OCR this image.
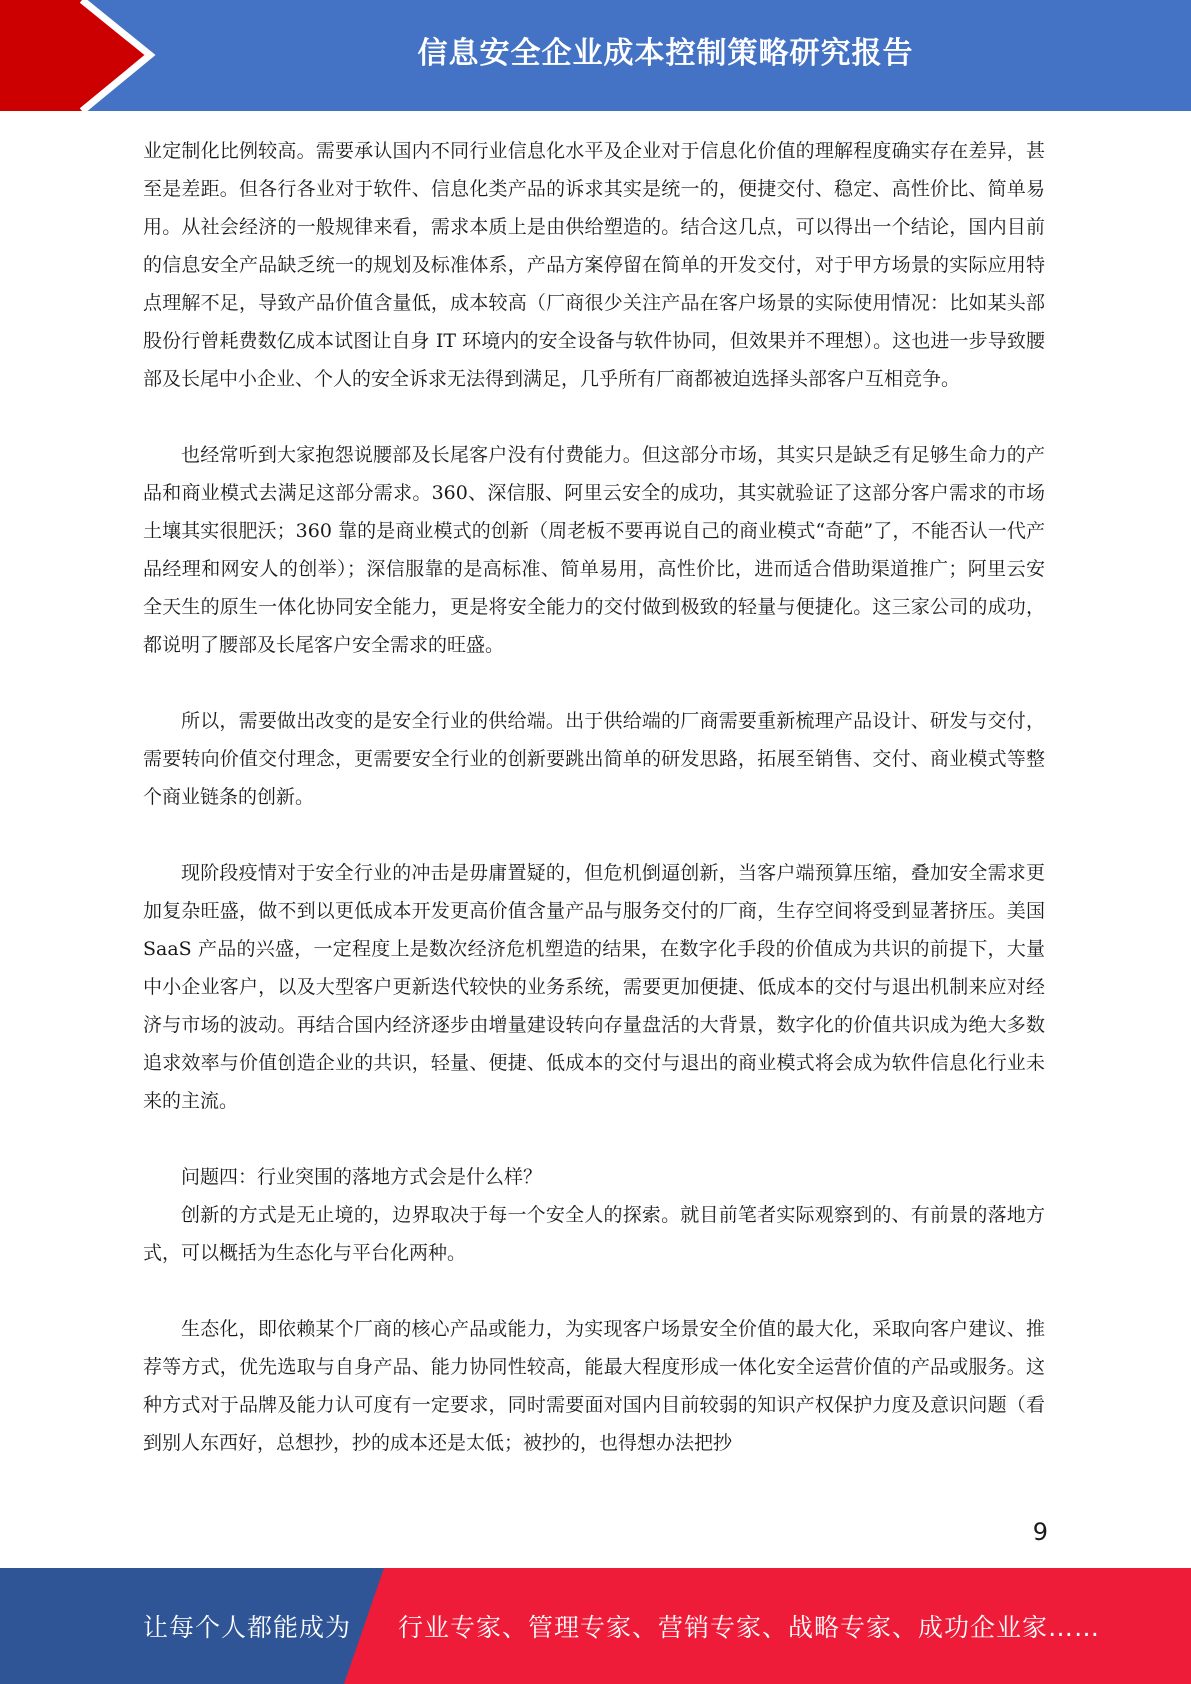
信息安全企业成本控制策略研究报告

业定制化比例较高。需要承认国内不同行业信息化水平及企业对于信息化价值的理解程度确实存在差异，甚至是差距。但各行各业对于软件、信息化类产品的诉求其实是统一的，便捷交付、稳定、高性价比、简单易用。从社会经济的一般规律来看，需求本质上是由供给塑造的。结合这几点，可以得出一个结论，国内目前的信息安全产品缺乏统一的规划及标准体系，产品方案停留在简单的开发交付，对于甲方场景的实际应用特点理解不足，导致产品价值含量低，成本较高（厂商很少关注产品在客户场景的实际使用情况：比如某头部股份行曾耗费数亿成本试图让自身 IT 环境内的安全设备与软件协同，但效果并不理想）。这也进一步导致腰部及长尾中小企业、个人的安全诉求无法得到满足，几乎所有厂商都被迫选择头部客户互相竞争。

也经常听到大家抱怨说腰部及长尾客户没有付费能力。但这部分市场，其实只是缺乏有足够生命力的产品和商业模式去满足这部分需求。360、深信服、阿里云安全的成功，其实就验证了这部分客户需求的市场土壤其实很肥沃；360 靠的是商业模式的创新（周老板不要再说自己的商业模式“奇葩”了，不能否认一代产品经理和网安人的创举）；深信服靠的是高标准、简单易用，高性价比，进而适合借助渠道推广；阿里云安全天生的原生一体化协同安全能力，更是将安全能力的交付做到极致的轻量与便捷化。这三家公司的成功，都说明了腰部及长尾客户安全需求的旺盛。

所以，需要做出改变的是安全行业的供给端。出于供给端的厂商需要重新梳理产品设计、研发与交付，需要转向价值交付理念，更需要安全行业的创新要跳出简单的研发思路，拓展至销售、交付、商业模式等整个商业链条的创新。

现阶段疫情对于安全行业的冲击是毋庸置疑的，但危机倒逼创新，当客户端预算压缩，叠加安全需求更加复杂旺盛，做不到以更低成本开发更高价值含量产品与服务交付的厂商，生存空间将受到显著挤压。美国 SaaS 产品的兴盛，一定程度上是数次经济危机塑造的结果，在数字化手段的价值成为共识的前提下，大量中小企业客户，以及大型客户更新迭代较快的业务系统，需要更加便捷、低成本的交付与退出机制来应对经济与市场的波动。再结合国内经济逐步由增量建设转向存量盘活的大背景，数字化的价值共识成为绝大多数追求效率与价值创造企业的共识，轻量、便捷、低成本的交付与退出的商业模式将会成为软件信息化行业未来的主流。

问题四：行业突围的落地方式会是什么样？

创新的方式是无止境的，边界取决于每一个安全人的探索。就目前笔者实际观察到的、有前景的落地方式，可以概括为生态化与平台化两种。

生态化，即依赖某个厂商的核心产品或能力，为实现客户场景安全价值的最大化，采取向客户建议、推荐等方式，优先选取与自身产品、能力协同性较高，能最大程度形成一体化安全运营价值的产品或服务。这种方式对于品牌及能力认可度有一定要求，同时需要面对国内目前较弱的知识产权保护力度及意识问题（看到别人东西好，总想抄，抄的成本还是太低；被抄的，也得想办法把抄

9
让每个人都能成为 行业专家、管理专家、营销专家、战略专家、成功企业家……
